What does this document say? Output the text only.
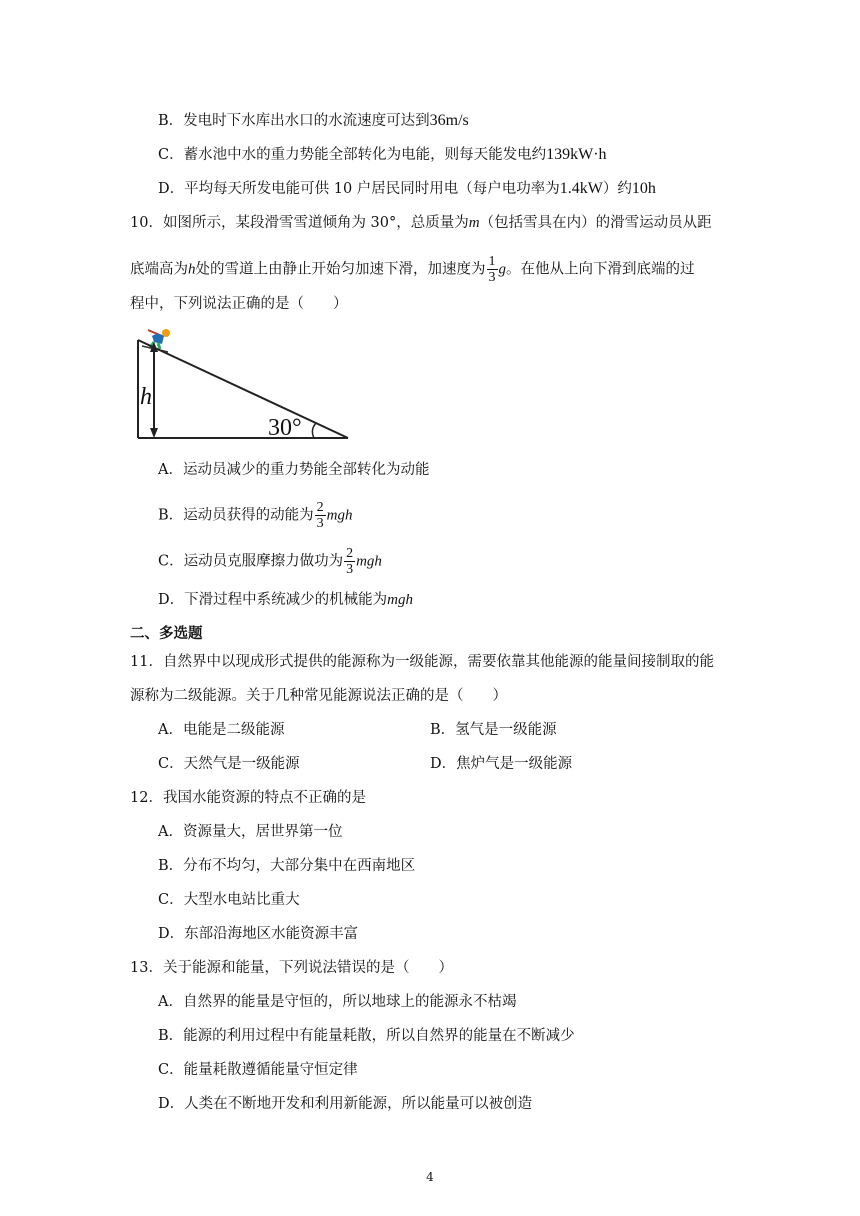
B．发电时下水库出水口的水流速度可达到36m/s
C．蓄水池中水的重力势能全部转化为电能，则每天能发电约139kW·h
D．平均每天所发电能可供 10 户居民同时用电（每户电功率为1.4kW）约10h
10．如图所示，某段滑雪雪道倾角为 30°，总质量为m（包括雪具在内）的滑雪运动员从距
底端高为h处的雪道上由静止开始匀加速下滑，加速度为 $\frac{1}{3}$ g。在他从上向下滑到底端的过
程中，下列说法正确的是（　　）
h
30°
A．运动员减少的重力势能全部转化为动能
B．运动员获得的动能为 $\frac{2}{3}$ mgh
C．运动员克服摩擦力做功为 $\frac{2}{3}$ mgh
D．下滑过程中系统减少的机械能为mgh
二、多选题
11．自然界中以现成形式提供的能源称为一级能源，需要依靠其他能源的能量间接制取的能
源称为二级能源。关于几种常见能源说法正确的是（　　）
A．电能是二级能源	B．氢气是一级能源
C．天然气是一级能源	D．焦炉气是一级能源
12．我国水能资源的特点不正确的是
A．资源量大，居世界第一位
B．分布不均匀，大部分集中在西南地区
C．大型水电站比重大
D．东部沿海地区水能资源丰富
13．关于能源和能量，下列说法错误的是（　　）
A．自然界的能量是守恒的，所以地球上的能源永不枯竭
B．能源的利用过程中有能量耗散，所以自然界的能量在不断减少
C．能量耗散遵循能量守恒定律
D．人类在不断地开发和利用新能源，所以能量可以被创造
4
